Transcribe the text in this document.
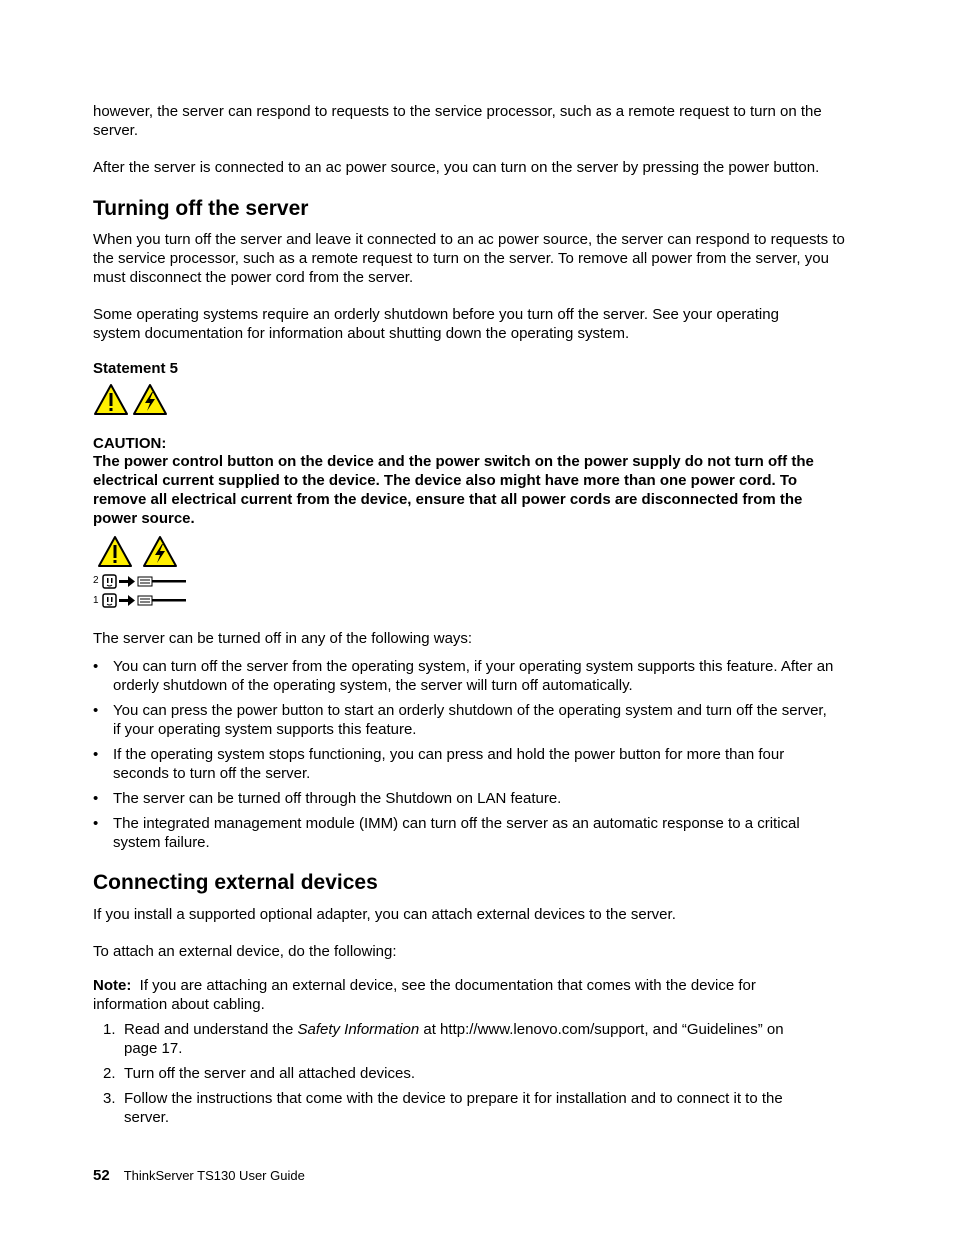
however, the server can respond to requests to the service processor, such as a remote request to turn on the server.

After the server is connected to an ac power source, you can turn on the server by pressing the power button.

Turning off the server

When you turn off the server and leave it connected to an ac power source, the server can respond to requests to the service processor, such as a remote request to turn on the server. To remove all power from the server, you must disconnect the power cord from the server.

Some operating systems require an orderly shutdown before you turn off the server. See your operating system documentation for information about shutting down the operating system.

Statement 5
CAUTION:

The power control button on the device and the power switch on the power supply do not turn off the electrical current supplied to the device. The device also might have more than one power cord. To remove all electrical current from the device, ensure that all power cords are disconnected from the power source.

2
1

The server can be turned off in any of the following ways:

• You can turn off the server from the operating system, if your operating system supports this feature. After an orderly shutdown of the operating system, the server will turn off automatically.
• You can press the power button to start an orderly shutdown of the operating system and turn off the server, if your operating system supports this feature.
• If the operating system stops functioning, you can press and hold the power button for more than four seconds to turn off the server.
• The server can be turned off through the Shutdown on LAN feature.
• The integrated management module (IMM) can turn off the server as an automatic response to a critical system failure.
Connecting external devices

If you install a supported optional adapter, you can attach external devices to the server.

To attach an external device, do the following:

Note: If you are attaching an external device, see the documentation that comes with the device for information about cabling.

1. Read and understand the Safety Information at http://www.lenovo.com/support, and “Guidelines” on page 17.
2. Turn off the server and all attached devices.
3. Follow the instructions that come with the device to prepare it for installation and to connect it to the server.
52 ThinkServer TS130 User Guide
